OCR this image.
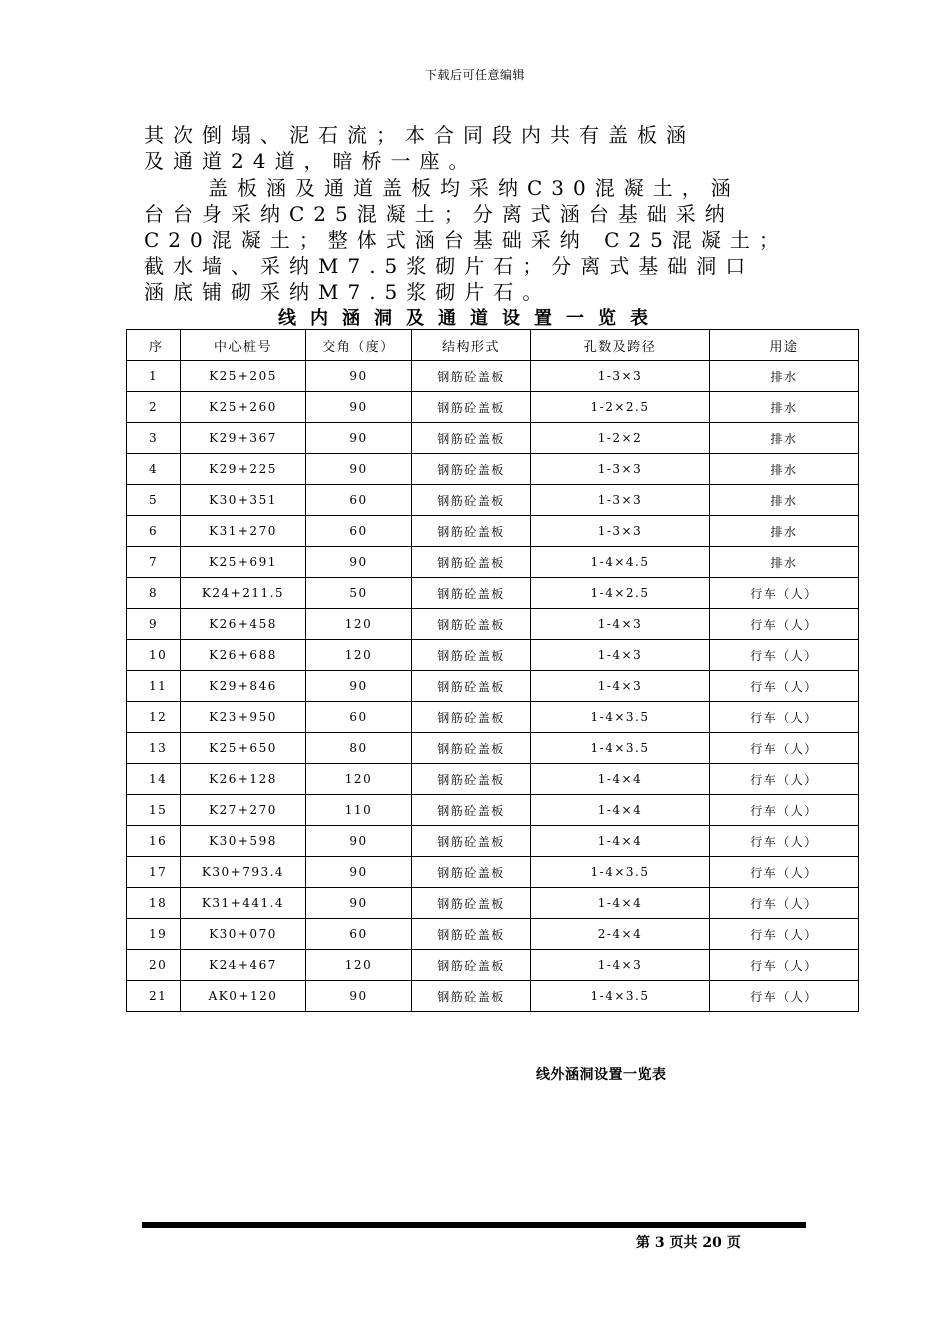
下载后可任意编辑
其次倒塌、泥石流；本合同段内共有盖板涵
及通道24道，暗桥一座。
盖板涵及通道盖板均采纳C30混凝土，涵
台台身采纳C25混凝土；分离式涵台基础采纳
C20混凝土；整体式涵台基础采纳 C25混凝土；
截水墙、采纳M7.5浆砌片石；分离式基础洞口
涵底铺砌采纳M7.5浆砌片石。
线内涵洞及通道设置一览表
序	中心桩号	交角（度）	结构形式	孔数及跨径	用途
1	K25+205	90	钢筋砼盖板	1-3×3	排水
2	K25+260	90	钢筋砼盖板	1-2×2.5	排水
3	K29+367	90	钢筋砼盖板	1-2×2	排水
4	K29+225	90	钢筋砼盖板	1-3×3	排水
5	K30+351	60	钢筋砼盖板	1-3×3	排水
6	K31+270	60	钢筋砼盖板	1-3×3	排水
7	K25+691	90	钢筋砼盖板	1-4×4.5	排水
8	K24+211.5	50	钢筋砼盖板	1-4×2.5	行车（人）
9	K26+458	120	钢筋砼盖板	1-4×3	行车（人）
10	K26+688	120	钢筋砼盖板	1-4×3	行车（人）
11	K29+846	90	钢筋砼盖板	1-4×3	行车（人）
12	K23+950	60	钢筋砼盖板	1-4×3.5	行车（人）
13	K25+650	80	钢筋砼盖板	1-4×3.5	行车（人）
14	K26+128	120	钢筋砼盖板	1-4×4	行车（人）
15	K27+270	110	钢筋砼盖板	1-4×4	行车（人）
16	K30+598	90	钢筋砼盖板	1-4×4	行车（人）
17	K30+793.4	90	钢筋砼盖板	1-4×3.5	行车（人）
18	K31+441.4	90	钢筋砼盖板	1-4×4	行车（人）
19	K30+070	60	钢筋砼盖板	2-4×4	行车（人）
20	K24+467	120	钢筋砼盖板	1-4×3	行车（人）
21	AK0+120	90	钢筋砼盖板	1-4×3.5	行车（人）
线外涵洞设置一览表
第 3 页共 20 页
